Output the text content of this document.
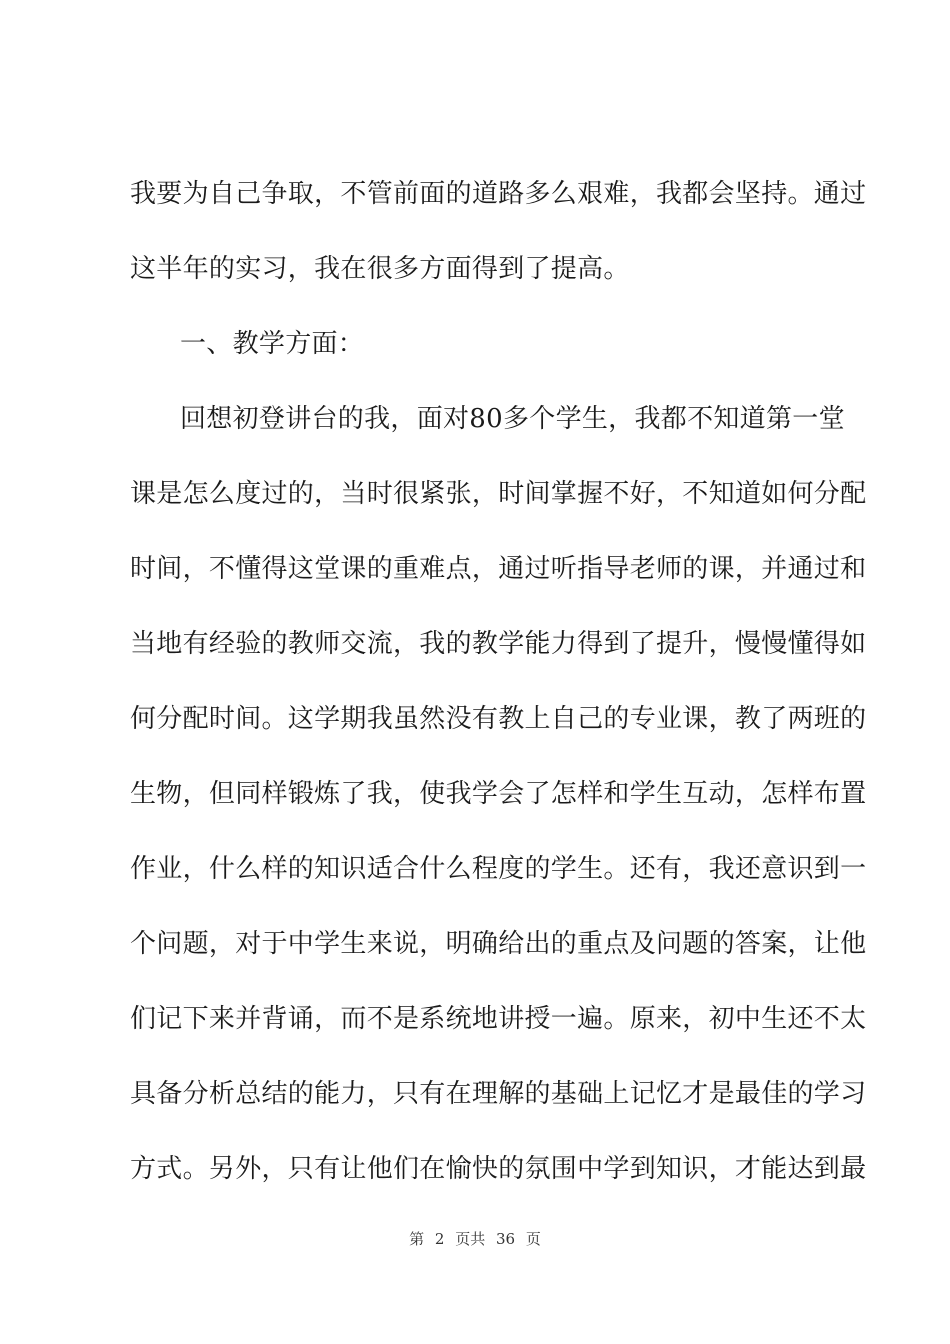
我要为自己争取，不管前面的道路多么艰难，我都会坚持。通过
这半年的实习，我在很多方面得到了提高。
一、教学方面：
回想初登讲台的我，面对80多个学生，我都不知道第一堂
课是怎么度过的，当时很紧张，时间掌握不好，不知道如何分配
时间，不懂得这堂课的重难点，通过听指导老师的课，并通过和
当地有经验的教师交流，我的教学能力得到了提升，慢慢懂得如
何分配时间。这学期我虽然没有教上自己的专业课，教了两班的
生物，但同样锻炼了我，使我学会了怎样和学生互动，怎样布置
作业，什么样的知识适合什么程度的学生。还有，我还意识到一
个问题，对于中学生来说，明确给出的重点及问题的答案，让他
们记下来并背诵，而不是系统地讲授一遍。原来，初中生还不太
具备分析总结的能力，只有在理解的基础上记忆才是最佳的学习
方式。另外，只有让他们在愉快的氛围中学到知识，才能达到最
第 2 页共 36 页
